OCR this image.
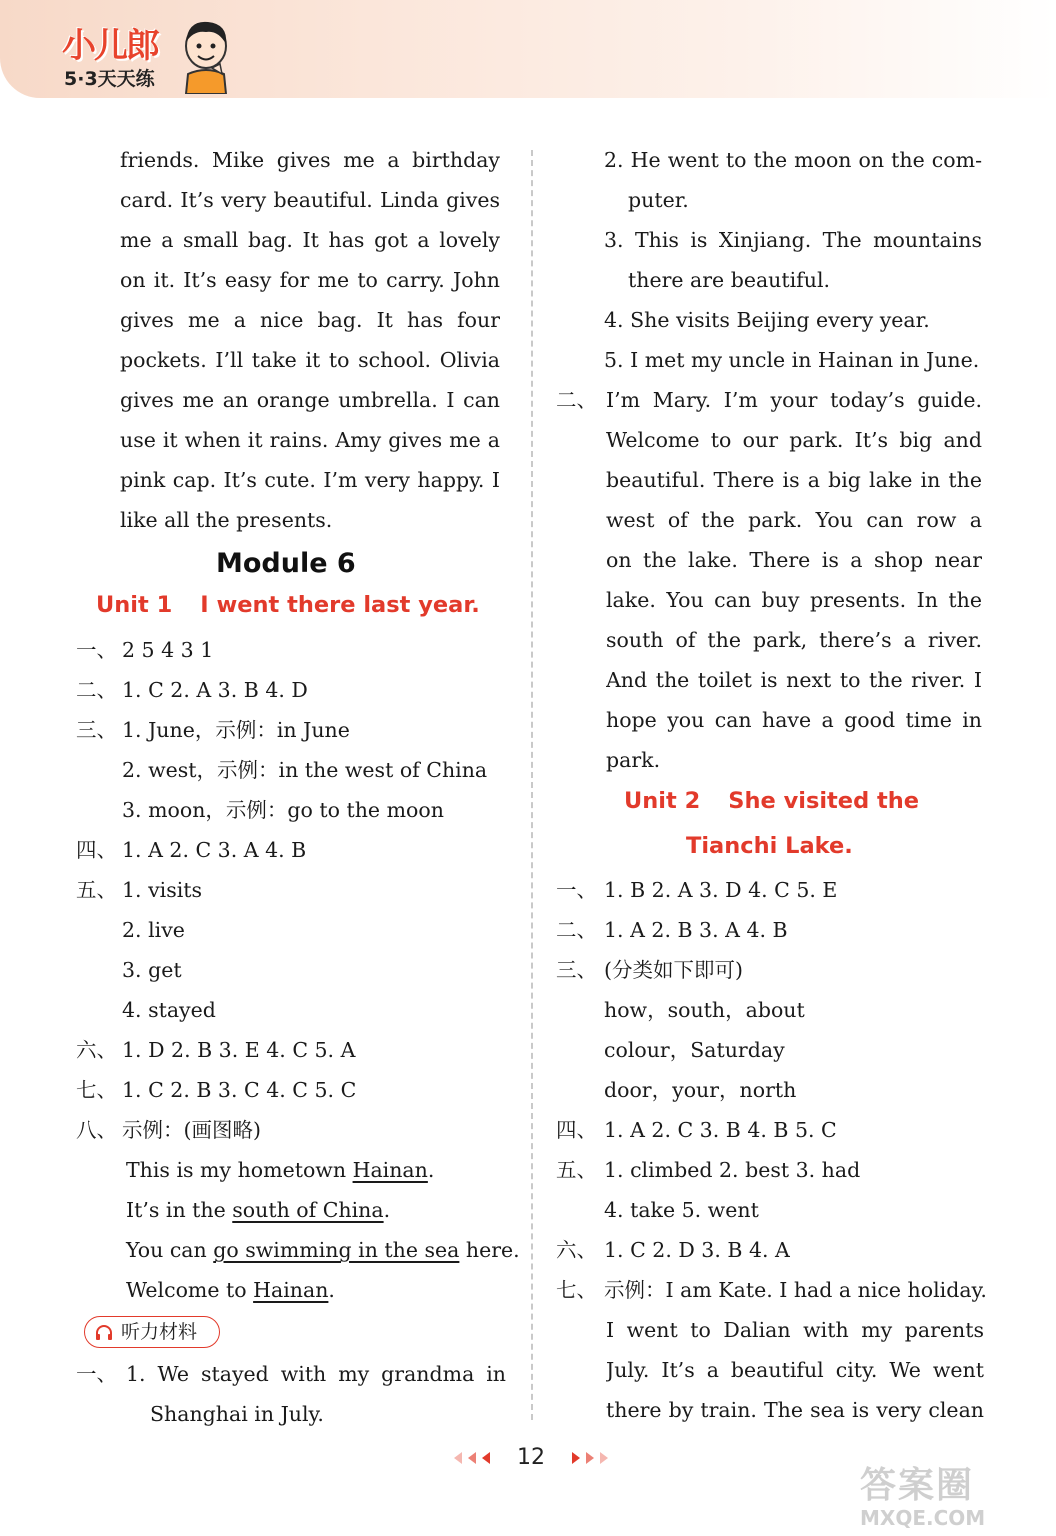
小儿郎
5·3天天练
friends. Mike gives me a birthday
card. It’s very beautiful. Linda gives
me a small bag. It has got a lovely
on it. It’s easy for me to carry. John
gives me a nice bag. It has four
pockets. I’ll take it to school. Olivia
gives me an orange umbrella. I can
use it when it rains. Amy gives me a
pink cap. It’s cute. I’m very happy. I
like all the presents.
Module 6
Unit 1 I went there last year.
一、 2 5 4 3 1
二、 1. C 2. A 3. B 4. D
三、 1. June，示例：in June
2. west，示例：in the west of China
3. moon，示例：go to the moon
四、 1. A 2. C 3. A 4. B
五、 1. visits
2. live
3. get
4. stayed
六、 1. D 2. B 3. E 4. C 5. A
七、 1. C 2. B 3. C 4. C 5. C
八、 示例：(画图略)
This is my hometown Hainan.
It’s in the south of China.
You can go swimming in the sea here.
Welcome to Hainan.
听力材料
一、 1. We stayed with my grandma in
Shanghai in July.
2. He went to the moon on the com-
puter.
3. This is Xinjiang. The mountains
there are beautiful.
4. She visits Beijing every year.
5. I met my uncle in Hainan in June.
二、 I’m Mary. I’m your today’s guide.
Welcome to our park. It’s big and
beautiful. There is a big lake in the
west of the park. You can row a
on the lake. There is a shop near
lake. You can buy presents. In the
south of the park, there’s a river.
And the toilet is next to the river. I
hope you can have a good time in
park.
Unit 2 She visited the
Tianchi Lake.
一、 1. B 2. A 3. D 4. C 5. E
二、 1. A 2. B 3. A 4. B
三、 (分类如下即可)
how，south，about
colour，Saturday
door，your，north
四、 1. A 2. C 3. B 4. B 5. C
五、 1. climbed 2. best 3. had
4. take 5. went
六、 1. C 2. D 3. B 4. A
七、 示例：I am Kate. I had a nice holiday.
I went to Dalian with my parents
July. It’s a beautiful city. We went
there by train. The sea is very clean
12
答案圈
MXQE.COM
